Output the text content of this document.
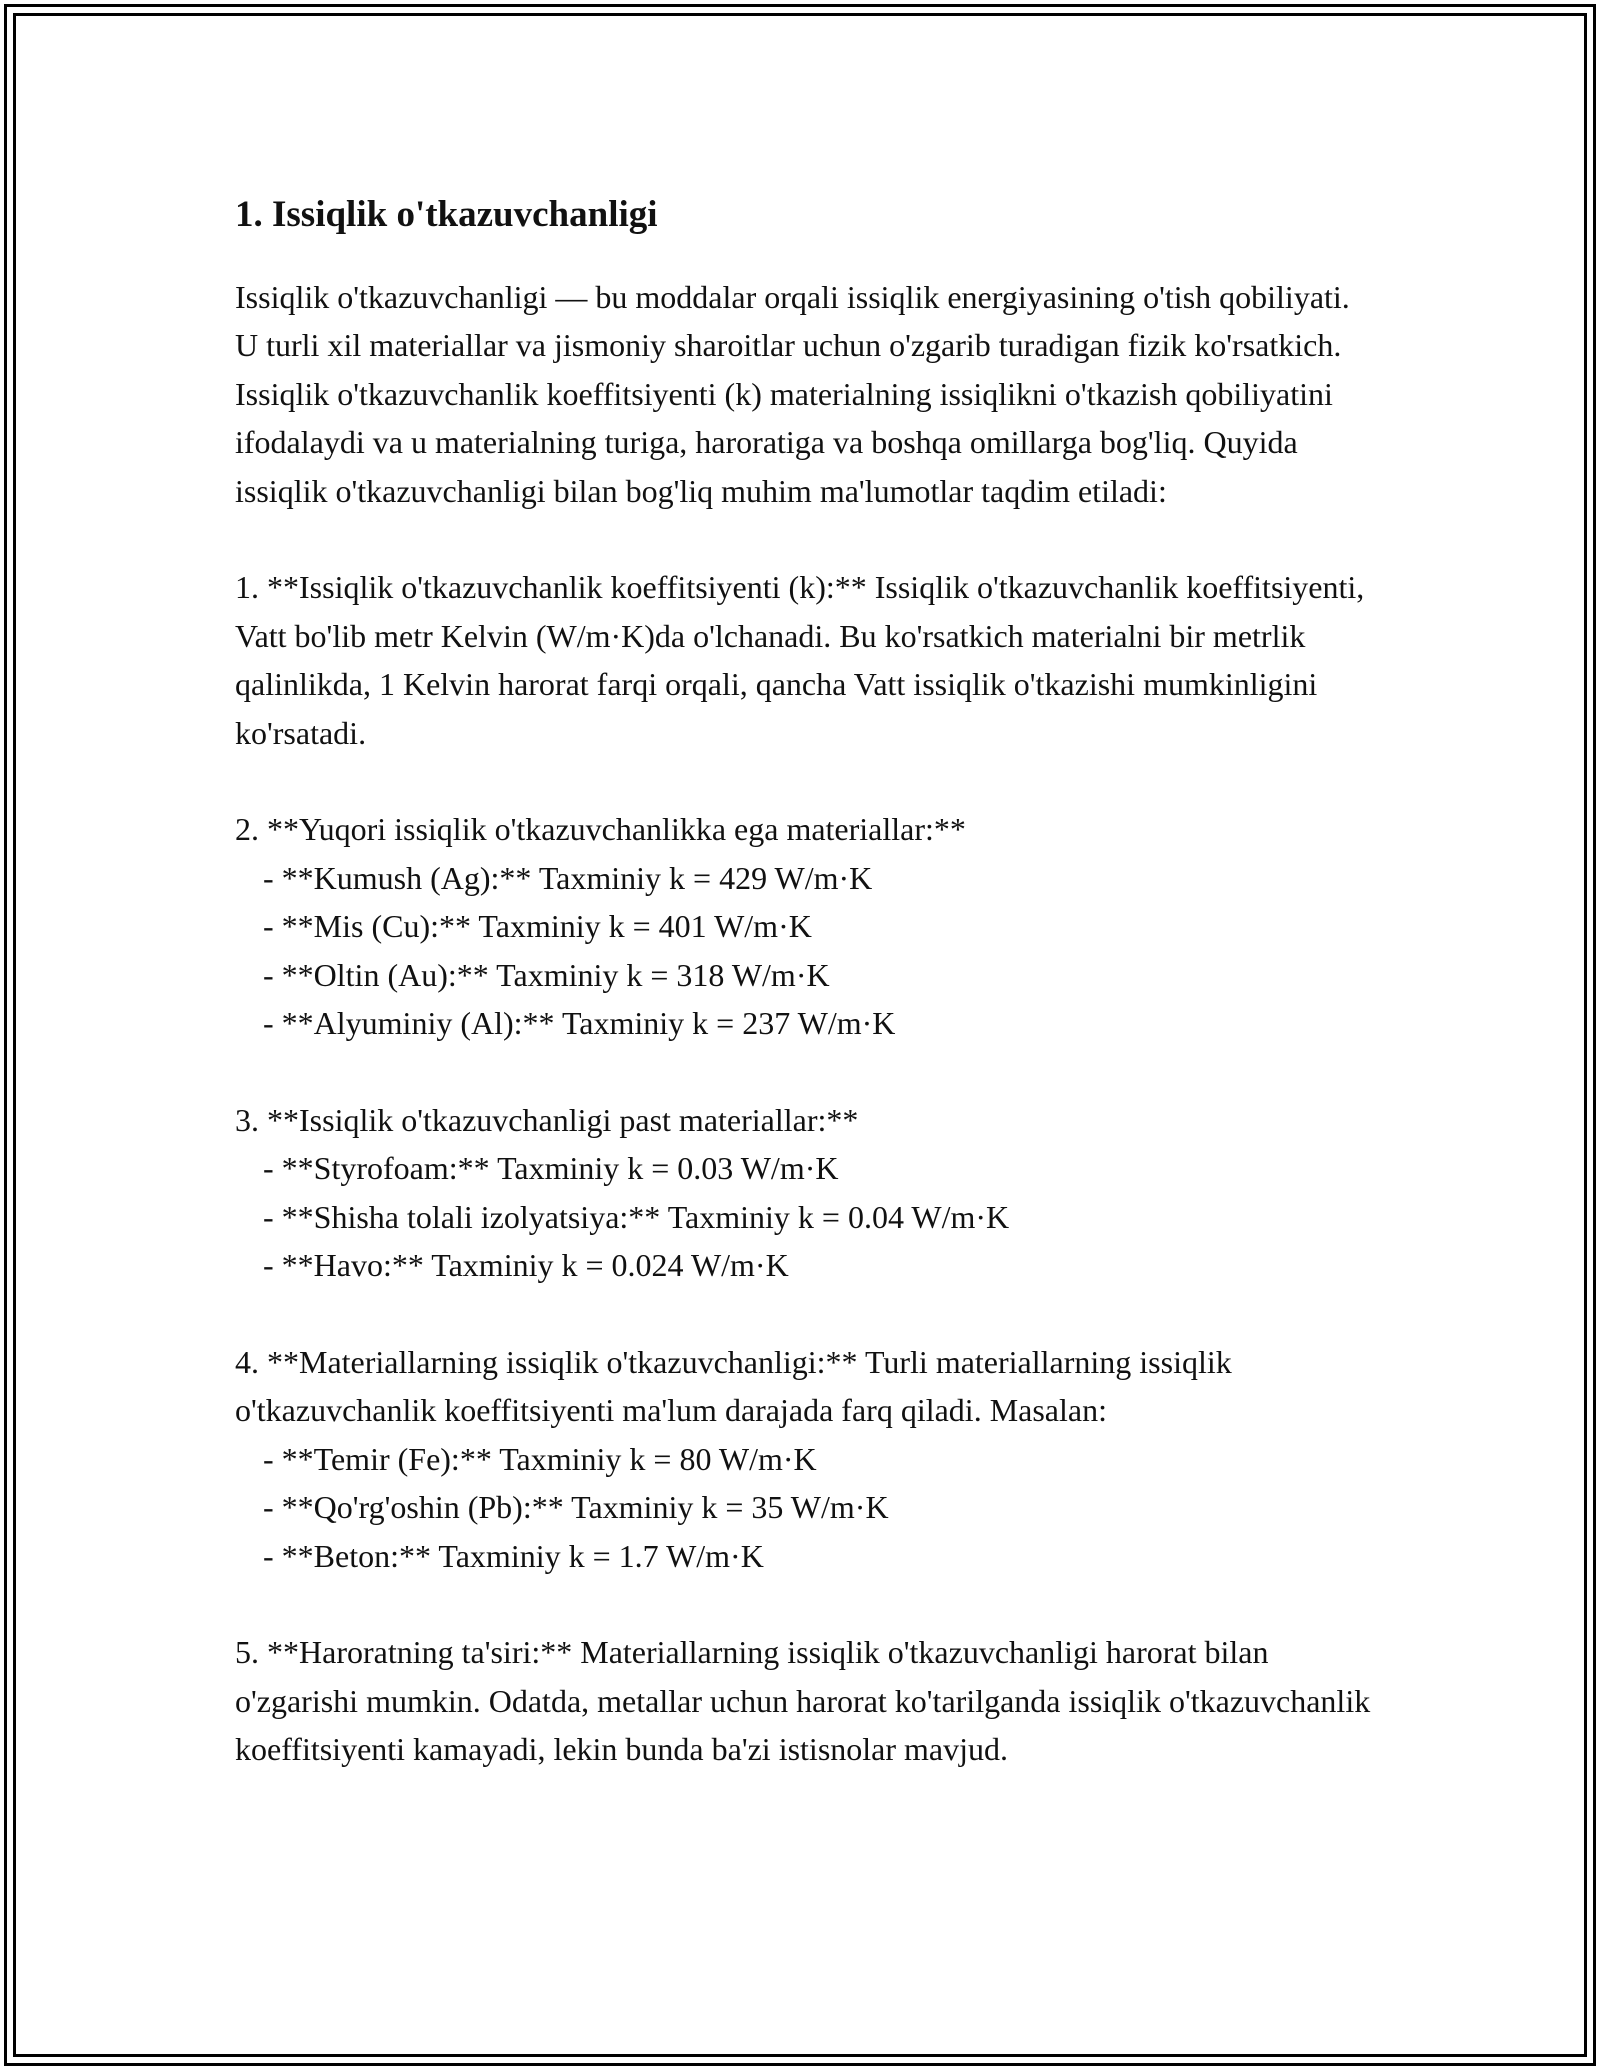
1. Issiqlik o'tkazuvchanligi

Issiqlik o'tkazuvchanligi — bu moddalar orqali issiqlik energiyasining o'tish qobiliyati. U turli xil materiallar va jismoniy sharoitlar uchun o'zgarib turadigan fizik ko'rsatkich. Issiqlik o'tkazuvchanlik koeffitsiyenti (k) materialning issiqlikni o'tkazish qobiliyatini ifodalaydi va u materialning turiga, haroratiga va boshqa omillarga bog'liq. Quyida issiqlik o'tkazuvchanligi bilan bog'liq muhim ma'lumotlar taqdim etiladi:

1. **Issiqlik o'tkazuvchanlik koeffitsiyenti (k):** Issiqlik o'tkazuvchanlik koeffitsiyenti, Vatt bo'lib metr Kelvin (W/m·K)da o'lchanadi. Bu ko'rsatkich materialni bir metrlik qalinlikda, 1 Kelvin harorat farqi orqali, qancha Vatt issiqlik o'tkazishi mumkinligini ko'rsatadi.

2. **Yuqori issiqlik o'tkazuvchanlikka ega materiallar:**

- **Kumush (Ag):** Taxminiy k = 429 W/m·K

- **Mis (Cu):** Taxminiy k = 401 W/m·K

- **Oltin (Au):** Taxminiy k = 318 W/m·K

- **Alyuminiy (Al):** Taxminiy k = 237 W/m·K

3. **Issiqlik o'tkazuvchanligi past materiallar:**

- **Styrofoam:** Taxminiy k = 0.03 W/m·K

- **Shisha tolali izolyatsiya:** Taxminiy k = 0.04 W/m·K

- **Havo:** Taxminiy k = 0.024 W/m·K

4. **Materiallarning issiqlik o'tkazuvchanligi:** Turli materiallarning issiqlik o'tkazuvchanlik koeffitsiyenti ma'lum darajada farq qiladi. Masalan:

- **Temir (Fe):** Taxminiy k = 80 W/m·K

- **Qo'rg'oshin (Pb):** Taxminiy k = 35 W/m·K

- **Beton:** Taxminiy k = 1.7 W/m·K

5. **Haroratning ta'siri:** Materiallarning issiqlik o'tkazuvchanligi harorat bilan o'zgarishi mumkin. Odatda, metallar uchun harorat ko'tarilganda issiqlik o'tkazuvchanlik koeffitsiyenti kamayadi, lekin bunda ba'zi istisnolar mavjud.
